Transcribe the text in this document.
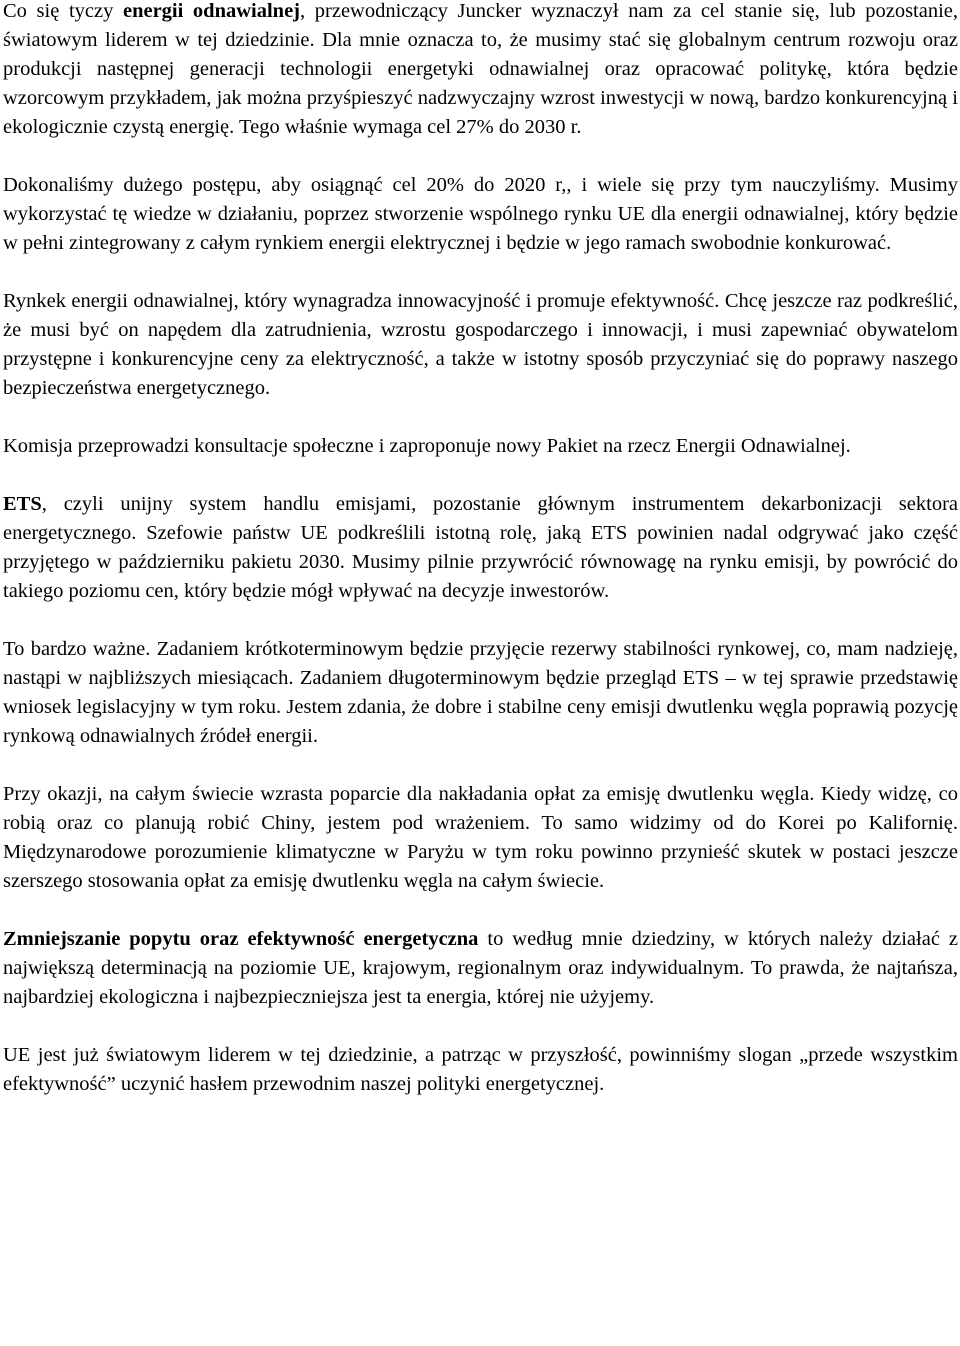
Co się tyczy energii odnawialnej, przewodniczący Juncker wyznaczył nam za cel stanie się, lub pozostanie, światowym liderem w tej dziedzinie. Dla mnie oznacza to, że musimy stać się globalnym centrum rozwoju oraz produkcji następnej generacji technologii energetyki odnawialnej oraz opracować politykę, która będzie wzorcowym przykładem, jak można przyśpieszyć nadzwyczajny wzrost inwestycji w nową, bardzo konkurencyjną i ekologicznie czystą energię. Tego właśnie wymaga cel 27% do 2030 r.

Dokonaliśmy dużego postępu, aby osiągnąć cel 20% do 2020 r,, i wiele się przy tym nauczyliśmy. Musimy wykorzystać tę wiedze w działaniu, poprzez stworzenie wspólnego rynku UE dla energii odnawialnej, który będzie w pełni zintegrowany z całym rynkiem energii elektrycznej i będzie w jego ramach swobodnie konkurować.

Rynkek energii odnawialnej, który wynagradza innowacyjność i promuje efektywność. Chcę jeszcze raz podkreślić, że musi być on napędem dla zatrudnienia, wzrostu gospodarczego i innowacji, i musi zapewniać obywatelom przystępne i konkurencyjne ceny za elektryczność, a także w istotny sposób przyczyniać się do poprawy naszego bezpieczeństwa energetycznego.

Komisja przeprowadzi konsultacje społeczne i zaproponuje nowy Pakiet na rzecz Energii Odnawialnej.

ETS, czyli unijny system handlu emisjami, pozostanie głównym instrumentem dekarbonizacji sektora energetycznego. Szefowie państw UE podkreślili istotną rolę, jaką ETS powinien nadal odgrywać jako część przyjętego w październiku pakietu 2030. Musimy pilnie przywrócić równowagę na rynku emisji, by powrócić do takiego poziomu cen, który będzie mógł wpływać na decyzje inwestorów.

To bardzo ważne. Zadaniem krótkoterminowym będzie przyjęcie rezerwy stabilności rynkowej, co, mam nadzieję, nastąpi w najbliższych miesiącach. Zadaniem długoterminowym będzie przegląd ETS – w tej sprawie przedstawię wniosek legislacyjny w tym roku. Jestem zdania, że dobre i stabilne ceny emisji dwutlenku węgla poprawią pozycję rynkową odnawialnych źródeł energii.

Przy okazji, na całym świecie wzrasta poparcie dla nakładania opłat za emisję dwutlenku węgla. Kiedy widzę, co robią oraz co planują robić Chiny, jestem pod wrażeniem. To samo widzimy od do Korei po Kalifornię. Międzynarodowe porozumienie klimatyczne w Paryżu w tym roku powinno przynieść skutek w postaci jeszcze szerszego stosowania opłat za emisję dwutlenku węgla na całym świecie.

Zmniejszanie popytu oraz efektywność energetyczna to według mnie dziedziny, w których należy działać z największą determinacją na poziomie UE, krajowym, regionalnym oraz indywidualnym. To prawda, że najtańsza, najbardziej ekologiczna i najbezpieczniejsza jest ta energia, której nie użyjemy.

UE jest już światowym liderem w tej dziedzinie, a patrząc w przyszłość, powinniśmy slogan „przede wszystkim efektywność” uczynić hasłem przewodnim naszej polityki energetycznej.
